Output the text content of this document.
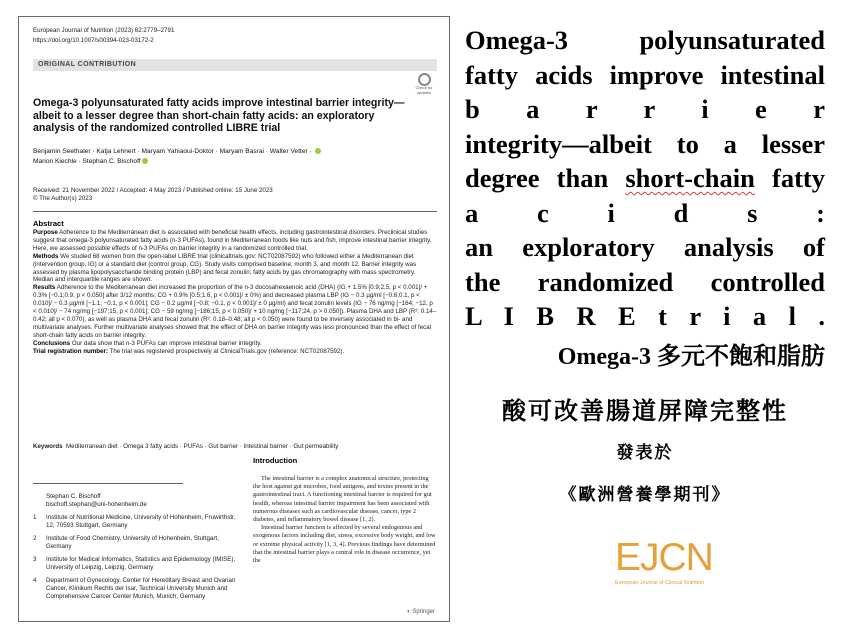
European Journal of Nutrition (2023) 62:2779–2791
https://doi.org/10.1007/s00394-023-03172-2
ORIGINAL CONTRIBUTION
Check for updates
Omega-3 polyunsaturated fatty acids improve intestinal barrier integrity—albeit to a lesser degree than short-chain fatty acids: an exploratory analysis of the randomized controlled LIBRE trial
Benjamin Seethaler · Katja Lehnert · Maryam Yahiaoui-Doktor · Maryam Basrai · Walter Vetter ·
Marion Kiechle · Stephan C. Bischoff
Received: 21 November 2022 / Accepted: 4 May 2023 / Published online: 15 June 2023
© The Author(s) 2023
Abstract

Purpose Adherence to the Mediterranean diet is associated with beneficial health effects, including gastrointestinal disorders. Preclinical studies suggest that omega-3 polyunsaturated fatty acids (n-3 PUFAs), found in Mediterranean foods like nuts and fish, improve intestinal barrier integrity. Here, we assessed possible effects of n-3 PUFAs on barrier integrity in a randomized controlled trial.

Methods We studied 68 women from the open-label LIBRE trial (clinicaltrials.gov: NCT02087592) who followed either a Mediterranean diet (intervention group, IG) or a standard diet (control group, CG). Study visits comprised baseline, month 3, and month 12. Barrier integrity was assessed by plasma lipopolysaccharide binding protein (LBP) and fecal zonulin; fatty acids by gas chromatography with mass spectrometry. Median and interquartile ranges are shown.

Results Adherence to the Mediterranean diet increased the proportion of the n-3 docosahexaenoic acid (DHA) (IG + 1.5% [0.9;2.5, p < 0.001]/ + 0.3% [−0.1;0.9, p < 0.050] after 3/12 months; CG + 0.9% [0.5;1.6, p < 0.001]/ ± 0%) and decreased plasma LBP (IG − 0.3 µg/ml [−0.6;0.1, p < 0.010]/ − 0.3 µg/ml [−1.1; −0.1, p < 0.001]; CG − 0.2 µg/ml [−0.8; −0.1, p < 0.001]/ ± 0 µg/ml) and fecal zonulin levels (IG − 76 ng/mg [−164; −12, p < 0.010]/ − 74 ng/mg [−197;15, p < 0.001]; CG − 59 ng/mg [−186;15, p < 0.050]/ + 10 ng/mg [−117;24, p > 0.050]). Plasma DHA and LBP (R²: 0.14–0.42; all p < 0.070), as well as plasma DHA and fecal zonulin (R²: 0.18–0.48; all p < 0.050) were found to be inversely associated in bi- and multivariate analyses. Further multivariate analyses showed that the effect of DHA on barrier integrity was less pronounced than the effect of fecal short-chain fatty acids on barrier integrity.

Conclusions Our data show that n-3 PUFAs can improve intestinal barrier integrity.

Trial registration number: The trial was registered prospectively at ClinicalTrials.gov (reference: NCT02087592).

Keywords Mediterranean diet · Omega 3 fatty acids · PUFAs · Gut barrier · Intestinal barrier · Gut permeability
Stephan C. Bischoff
bischoff.stephan@uni-hohenheim.de
1	Institute of Nutritional Medicine, University of Hohenheim, Fruwirthstr. 12, 70593 Stuttgart, Germany
2	Institute of Food Chemistry, University of Hohenheim, Stuttgart, Germany
3	Institute for Medical Informatics, Statistics and Epidemiology (IMISE), University of Leipzig, Leipzig, Germany
4	Department of Gynecology, Center for Hereditary Breast and Ovarian Cancer, Klinikum Rechts der Isar, Technical University Munich and Comprehensive Cancer Center Munich, Munich, Germany
Introduction

The intestinal barrier is a complex anatomical structure, protecting the host against gut microbes, food antigens, and toxins present in the gastrointestinal tract. A functioning intestinal barrier is required for gut health, whereas intestinal barrier impairment has been associated with numerous diseases such as cardiovascular disease, cancer, type 2 diabetes, and inflammatory bowel disease [1, 2].

Intestinal barrier function is affected by several endogenous and exogenous factors including diet, stress, excessive body weight, and low or extreme physical activity [1, 3, 4]. Previous findings have determined that the intestinal barrier plays a central role in disease occurrence, yet the

◐ Springer
Omega-3 polyunsaturated
fatty acids improve intestinal
b a r r i e r
integrity—albeit to a lesser
degree than short-chain fatty
a c i d s :
an exploratory analysis of
the randomized controlled
L I B R E t r i a l .
Omega-3 多元不飽和脂肪
酸可改善腸道屏障完整性
發表於
《歐洲營養學期刊》
EJCN
European Journal of Clinical Nutrition
